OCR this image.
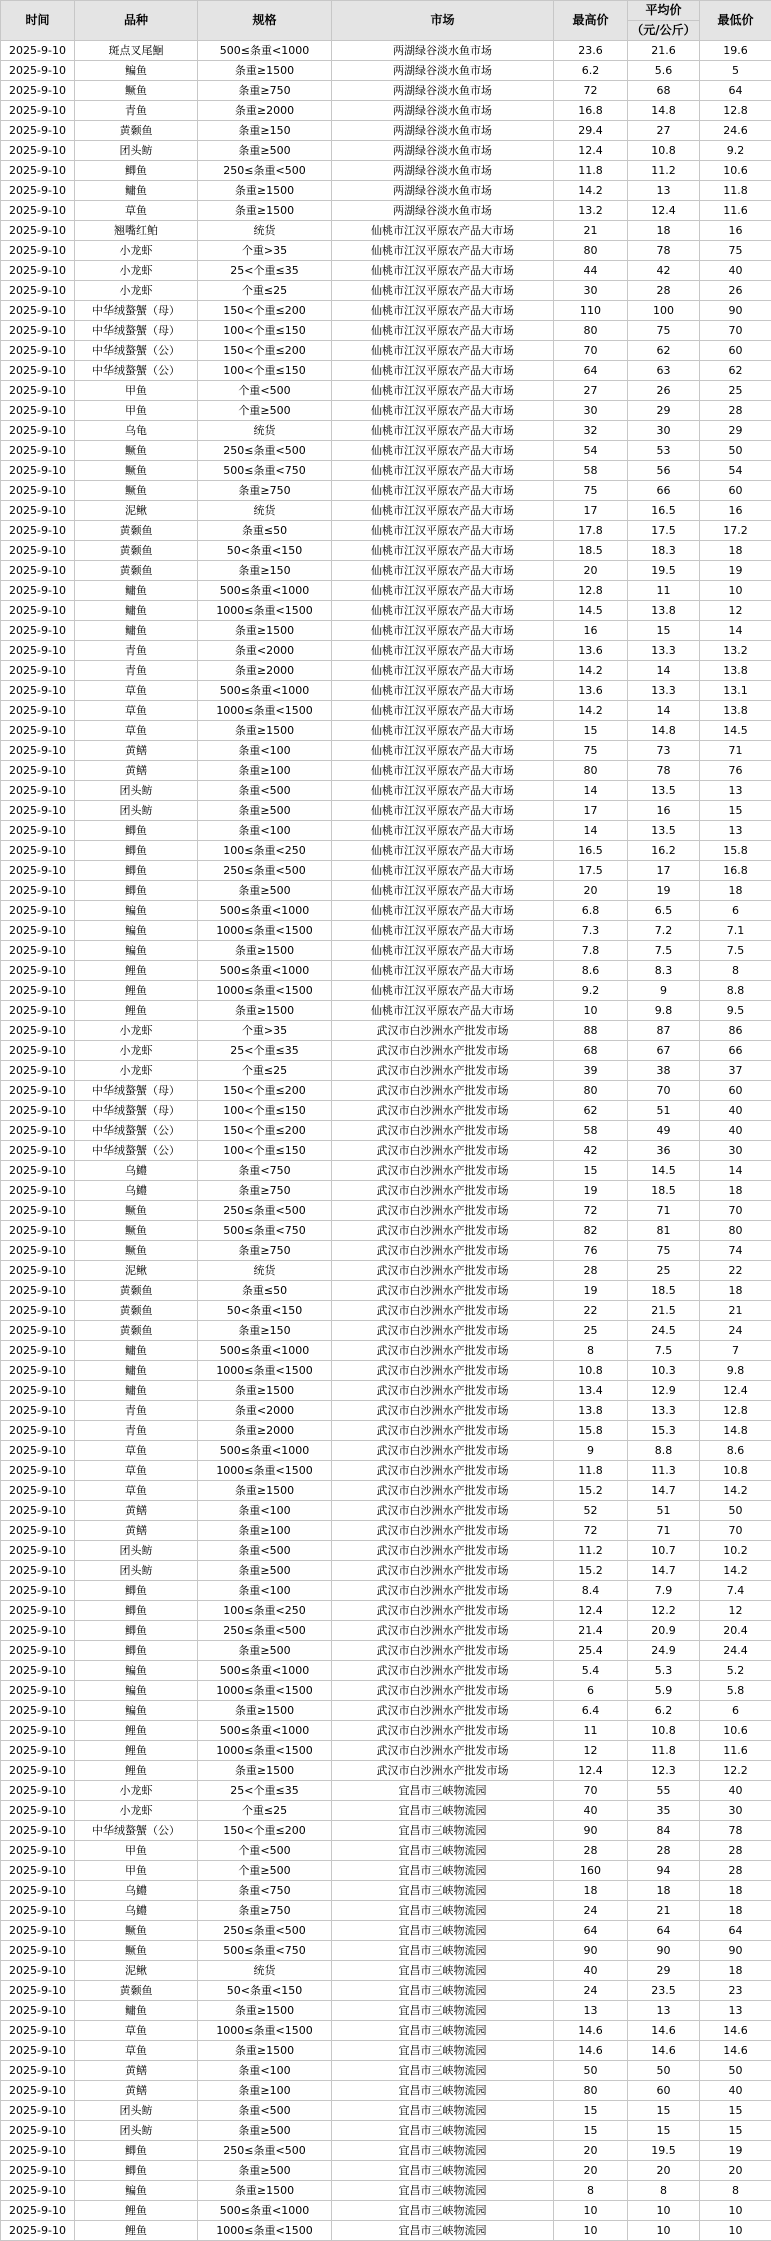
时间	品种	规格	市场	最高价	平均价	最低价
					（元/公斤）	
2025-9-10	斑点叉尾鮰	500≤条重<1000	两湖绿谷淡水鱼市场	23.6	21.6	19.6
2025-9-10	鳊鱼	条重≥1500	两湖绿谷淡水鱼市场	6.2	5.6	5
2025-9-10	鳜鱼	条重≥750	两湖绿谷淡水鱼市场	72	68	64
2025-9-10	青鱼	条重≥2000	两湖绿谷淡水鱼市场	16.8	14.8	12.8
2025-9-10	黄颡鱼	条重≥150	两湖绿谷淡水鱼市场	29.4	27	24.6
2025-9-10	团头鲂	条重≥500	两湖绿谷淡水鱼市场	12.4	10.8	9.2
2025-9-10	鲫鱼	250≤条重<500	两湖绿谷淡水鱼市场	11.8	11.2	10.6
2025-9-10	鳙鱼	条重≥1500	两湖绿谷淡水鱼市场	14.2	13	11.8
2025-9-10	草鱼	条重≥1500	两湖绿谷淡水鱼市场	13.2	12.4	11.6
2025-9-10	翘嘴红鲌	统货	仙桃市江汉平原农产品大市场	21	18	16
2025-9-10	小龙虾	个重>35	仙桃市江汉平原农产品大市场	80	78	75
2025-9-10	小龙虾	25<个重≤35	仙桃市江汉平原农产品大市场	44	42	40
2025-9-10	小龙虾	个重≤25	仙桃市江汉平原农产品大市场	30	28	26
2025-9-10	中华绒螯蟹（母）	150<个重≤200	仙桃市江汉平原农产品大市场	110	100	90
2025-9-10	中华绒螯蟹（母）	100<个重≤150	仙桃市江汉平原农产品大市场	80	75	70
2025-9-10	中华绒螯蟹（公）	150<个重≤200	仙桃市江汉平原农产品大市场	70	62	60
2025-9-10	中华绒螯蟹（公）	100<个重≤150	仙桃市江汉平原农产品大市场	64	63	62
2025-9-10	甲鱼	个重<500	仙桃市江汉平原农产品大市场	27	26	25
2025-9-10	甲鱼	个重≥500	仙桃市江汉平原农产品大市场	30	29	28
2025-9-10	乌龟	统货	仙桃市江汉平原农产品大市场	32	30	29
2025-9-10	鳜鱼	250≤条重<500	仙桃市江汉平原农产品大市场	54	53	50
2025-9-10	鳜鱼	500≤条重<750	仙桃市江汉平原农产品大市场	58	56	54
2025-9-10	鳜鱼	条重≥750	仙桃市江汉平原农产品大市场	75	66	60
2025-9-10	泥鳅	统货	仙桃市江汉平原农产品大市场	17	16.5	16
2025-9-10	黄颡鱼	条重≤50	仙桃市江汉平原农产品大市场	17.8	17.5	17.2
2025-9-10	黄颡鱼	50<条重<150	仙桃市江汉平原农产品大市场	18.5	18.3	18
2025-9-10	黄颡鱼	条重≥150	仙桃市江汉平原农产品大市场	20	19.5	19
2025-9-10	鳙鱼	500≤条重<1000	仙桃市江汉平原农产品大市场	12.8	11	10
2025-9-10	鳙鱼	1000≤条重<1500	仙桃市江汉平原农产品大市场	14.5	13.8	12
2025-9-10	鳙鱼	条重≥1500	仙桃市江汉平原农产品大市场	16	15	14
2025-9-10	青鱼	条重<2000	仙桃市江汉平原农产品大市场	13.6	13.3	13.2
2025-9-10	青鱼	条重≥2000	仙桃市江汉平原农产品大市场	14.2	14	13.8
2025-9-10	草鱼	500≤条重<1000	仙桃市江汉平原农产品大市场	13.6	13.3	13.1
2025-9-10	草鱼	1000≤条重<1500	仙桃市江汉平原农产品大市场	14.2	14	13.8
2025-9-10	草鱼	条重≥1500	仙桃市江汉平原农产品大市场	15	14.8	14.5
2025-9-10	黄鳝	条重<100	仙桃市江汉平原农产品大市场	75	73	71
2025-9-10	黄鳝	条重≥100	仙桃市江汉平原农产品大市场	80	78	76
2025-9-10	团头鲂	条重<500	仙桃市江汉平原农产品大市场	14	13.5	13
2025-9-10	团头鲂	条重≥500	仙桃市江汉平原农产品大市场	17	16	15
2025-9-10	鲫鱼	条重<100	仙桃市江汉平原农产品大市场	14	13.5	13
2025-9-10	鲫鱼	100≤条重<250	仙桃市江汉平原农产品大市场	16.5	16.2	15.8
2025-9-10	鲫鱼	250≤条重<500	仙桃市江汉平原农产品大市场	17.5	17	16.8
2025-9-10	鲫鱼	条重≥500	仙桃市江汉平原农产品大市场	20	19	18
2025-9-10	鳊鱼	500≤条重<1000	仙桃市江汉平原农产品大市场	6.8	6.5	6
2025-9-10	鳊鱼	1000≤条重<1500	仙桃市江汉平原农产品大市场	7.3	7.2	7.1
2025-9-10	鳊鱼	条重≥1500	仙桃市江汉平原农产品大市场	7.8	7.5	7.5
2025-9-10	鲤鱼	500≤条重<1000	仙桃市江汉平原农产品大市场	8.6	8.3	8
2025-9-10	鲤鱼	1000≤条重<1500	仙桃市江汉平原农产品大市场	9.2	9	8.8
2025-9-10	鲤鱼	条重≥1500	仙桃市江汉平原农产品大市场	10	9.8	9.5
2025-9-10	小龙虾	个重>35	武汉市白沙洲水产批发市场	88	87	86
2025-9-10	小龙虾	25<个重≤35	武汉市白沙洲水产批发市场	68	67	66
2025-9-10	小龙虾	个重≤25	武汉市白沙洲水产批发市场	39	38	37
2025-9-10	中华绒螯蟹（母）	150<个重≤200	武汉市白沙洲水产批发市场	80	70	60
2025-9-10	中华绒螯蟹（母）	100<个重≤150	武汉市白沙洲水产批发市场	62	51	40
2025-9-10	中华绒螯蟹（公）	150<个重≤200	武汉市白沙洲水产批发市场	58	49	40
2025-9-10	中华绒螯蟹（公）	100<个重≤150	武汉市白沙洲水产批发市场	42	36	30
2025-9-10	乌鳢	条重<750	武汉市白沙洲水产批发市场	15	14.5	14
2025-9-10	乌鳢	条重≥750	武汉市白沙洲水产批发市场	19	18.5	18
2025-9-10	鳜鱼	250≤条重<500	武汉市白沙洲水产批发市场	72	71	70
2025-9-10	鳜鱼	500≤条重<750	武汉市白沙洲水产批发市场	82	81	80
2025-9-10	鳜鱼	条重≥750	武汉市白沙洲水产批发市场	76	75	74
2025-9-10	泥鳅	统货	武汉市白沙洲水产批发市场	28	25	22
2025-9-10	黄颡鱼	条重≤50	武汉市白沙洲水产批发市场	19	18.5	18
2025-9-10	黄颡鱼	50<条重<150	武汉市白沙洲水产批发市场	22	21.5	21
2025-9-10	黄颡鱼	条重≥150	武汉市白沙洲水产批发市场	25	24.5	24
2025-9-10	鳙鱼	500≤条重<1000	武汉市白沙洲水产批发市场	8	7.5	7
2025-9-10	鳙鱼	1000≤条重<1500	武汉市白沙洲水产批发市场	10.8	10.3	9.8
2025-9-10	鳙鱼	条重≥1500	武汉市白沙洲水产批发市场	13.4	12.9	12.4
2025-9-10	青鱼	条重<2000	武汉市白沙洲水产批发市场	13.8	13.3	12.8
2025-9-10	青鱼	条重≥2000	武汉市白沙洲水产批发市场	15.8	15.3	14.8
2025-9-10	草鱼	500≤条重<1000	武汉市白沙洲水产批发市场	9	8.8	8.6
2025-9-10	草鱼	1000≤条重<1500	武汉市白沙洲水产批发市场	11.8	11.3	10.8
2025-9-10	草鱼	条重≥1500	武汉市白沙洲水产批发市场	15.2	14.7	14.2
2025-9-10	黄鳝	条重<100	武汉市白沙洲水产批发市场	52	51	50
2025-9-10	黄鳝	条重≥100	武汉市白沙洲水产批发市场	72	71	70
2025-9-10	团头鲂	条重<500	武汉市白沙洲水产批发市场	11.2	10.7	10.2
2025-9-10	团头鲂	条重≥500	武汉市白沙洲水产批发市场	15.2	14.7	14.2
2025-9-10	鲫鱼	条重<100	武汉市白沙洲水产批发市场	8.4	7.9	7.4
2025-9-10	鲫鱼	100≤条重<250	武汉市白沙洲水产批发市场	12.4	12.2	12
2025-9-10	鲫鱼	250≤条重<500	武汉市白沙洲水产批发市场	21.4	20.9	20.4
2025-9-10	鲫鱼	条重≥500	武汉市白沙洲水产批发市场	25.4	24.9	24.4
2025-9-10	鳊鱼	500≤条重<1000	武汉市白沙洲水产批发市场	5.4	5.3	5.2
2025-9-10	鳊鱼	1000≤条重<1500	武汉市白沙洲水产批发市场	6	5.9	5.8
2025-9-10	鳊鱼	条重≥1500	武汉市白沙洲水产批发市场	6.4	6.2	6
2025-9-10	鲤鱼	500≤条重<1000	武汉市白沙洲水产批发市场	11	10.8	10.6
2025-9-10	鲤鱼	1000≤条重<1500	武汉市白沙洲水产批发市场	12	11.8	11.6
2025-9-10	鲤鱼	条重≥1500	武汉市白沙洲水产批发市场	12.4	12.3	12.2
2025-9-10	小龙虾	25<个重≤35	宜昌市三峡物流园	70	55	40
2025-9-10	小龙虾	个重≤25	宜昌市三峡物流园	40	35	30
2025-9-10	中华绒螯蟹（公）	150<个重≤200	宜昌市三峡物流园	90	84	78
2025-9-10	甲鱼	个重<500	宜昌市三峡物流园	28	28	28
2025-9-10	甲鱼	个重≥500	宜昌市三峡物流园	160	94	28
2025-9-10	乌鳢	条重<750	宜昌市三峡物流园	18	18	18
2025-9-10	乌鳢	条重≥750	宜昌市三峡物流园	24	21	18
2025-9-10	鳜鱼	250≤条重<500	宜昌市三峡物流园	64	64	64
2025-9-10	鳜鱼	500≤条重<750	宜昌市三峡物流园	90	90	90
2025-9-10	泥鳅	统货	宜昌市三峡物流园	40	29	18
2025-9-10	黄颡鱼	50<条重<150	宜昌市三峡物流园	24	23.5	23
2025-9-10	鳙鱼	条重≥1500	宜昌市三峡物流园	13	13	13
2025-9-10	草鱼	1000≤条重<1500	宜昌市三峡物流园	14.6	14.6	14.6
2025-9-10	草鱼	条重≥1500	宜昌市三峡物流园	14.6	14.6	14.6
2025-9-10	黄鳝	条重<100	宜昌市三峡物流园	50	50	50
2025-9-10	黄鳝	条重≥100	宜昌市三峡物流园	80	60	40
2025-9-10	团头鲂	条重<500	宜昌市三峡物流园	15	15	15
2025-9-10	团头鲂	条重≥500	宜昌市三峡物流园	15	15	15
2025-9-10	鲫鱼	250≤条重<500	宜昌市三峡物流园	20	19.5	19
2025-9-10	鲫鱼	条重≥500	宜昌市三峡物流园	20	20	20
2025-9-10	鳊鱼	条重≥1500	宜昌市三峡物流园	8	8	8
2025-9-10	鲤鱼	500≤条重<1000	宜昌市三峡物流园	10	10	10
2025-9-10	鲤鱼	1000≤条重<1500	宜昌市三峡物流园	10	10	10
